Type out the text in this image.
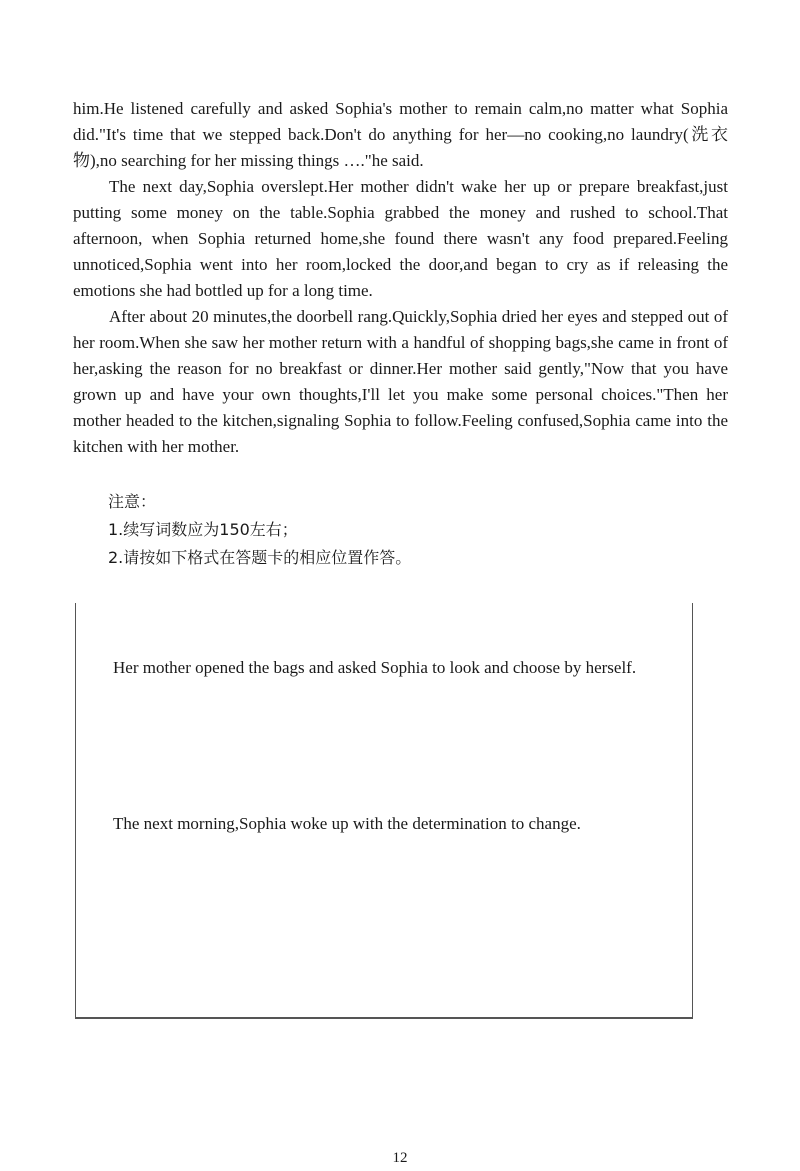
him.He listened carefully and asked Sophia's mother to remain calm,no matter what Sophia did."It's time that we stepped back.Don't do anything for her—no cooking,no laundry(洗衣物),no searching for her missing things …."he said.

The next day,Sophia overslept.Her mother didn't wake her up or prepare breakfast,just putting some money on the table.Sophia grabbed the money and rushed to school.That afternoon, when Sophia returned home,she found there wasn't any food prepared.Feeling unnoticed,Sophia went into her room,locked the door,and began to cry as if releasing the emotions she had bottled up for a long time.

After about 20 minutes,the doorbell rang.Quickly,Sophia dried her eyes and stepped out of her room.When she saw her mother return with a handful of shopping bags,she came in front of her,asking the reason for no breakfast or dinner.Her mother said gently,"Now that you have grown up and have your own thoughts,I'll let you make some personal choices."Then her mother headed to the kitchen,signaling Sophia to follow.Feeling confused,Sophia came into the kitchen with her mother.

注意：
1.续写词数应为150左右；
2.请按如下格式在答题卡的相应位置作答。

Her mother opened the bags and asked Sophia to look and choose by herself.

The next morning,Sophia woke up with the determination to change.

12
